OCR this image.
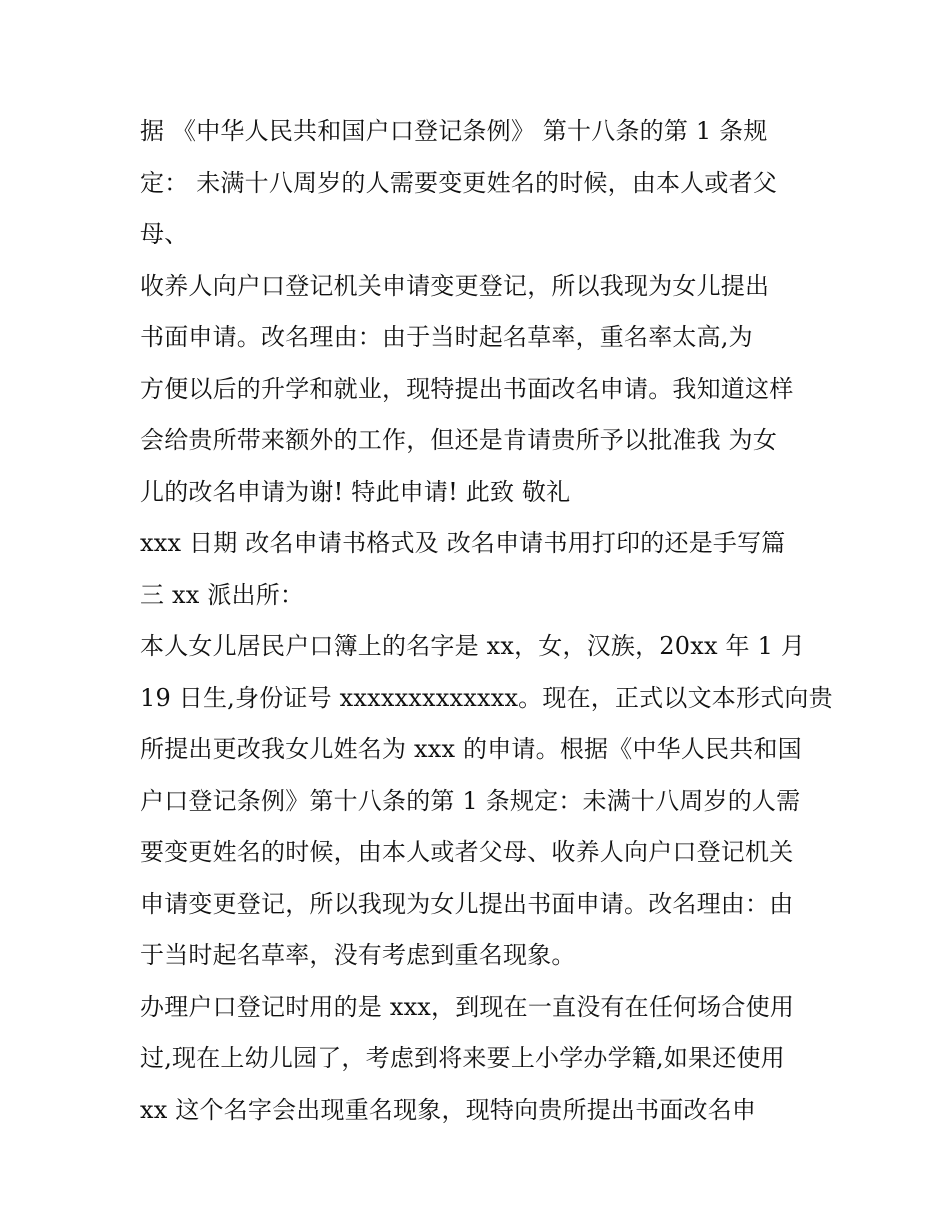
据 《中华人民共和国户口登记条例》 第十八条的第 1 条规
定： 未满十八周岁的人需要变更姓名的时候，由本人或者父
母、
收养人向户口登记机关申请变更登记，所以我现为女儿提出
书面申请。改名理由：由于当时起名草率，重名率太高,为
方便以后的升学和就业，现特提出书面改名申请。我知道这样
会给贵所带来额外的工作，但还是肯请贵所予以批准我 为女
儿的改名申请为谢! 特此申请! 此致 敬礼
xxx 日期 改名申请书格式及 改名申请书用打印的还是手写篇
三 xx 派出所：
本人女儿居民户口簿上的名字是 xx，女，汉族，20xx 年 1 月
19 日生,身份证号 xxxxxxxxxxxxx。现在，正式以文本形式向贵
所提出更改我女儿姓名为 xxx 的申请。根据《中华人民共和国
户口登记条例》第十八条的第 1 条规定：未满十八周岁的人需
要变更姓名的时候，由本人或者父母、收养人向户口登记机关
申请变更登记，所以我现为女儿提出书面申请。改名理由：由
于当时起名草率，没有考虑到重名现象。
办理户口登记时用的是 xxx，到现在一直没有在任何场合使用
过,现在上幼儿园了，考虑到将来要上小学办学籍,如果还使用
xx 这个名字会出现重名现象，现特向贵所提出书面改名申
